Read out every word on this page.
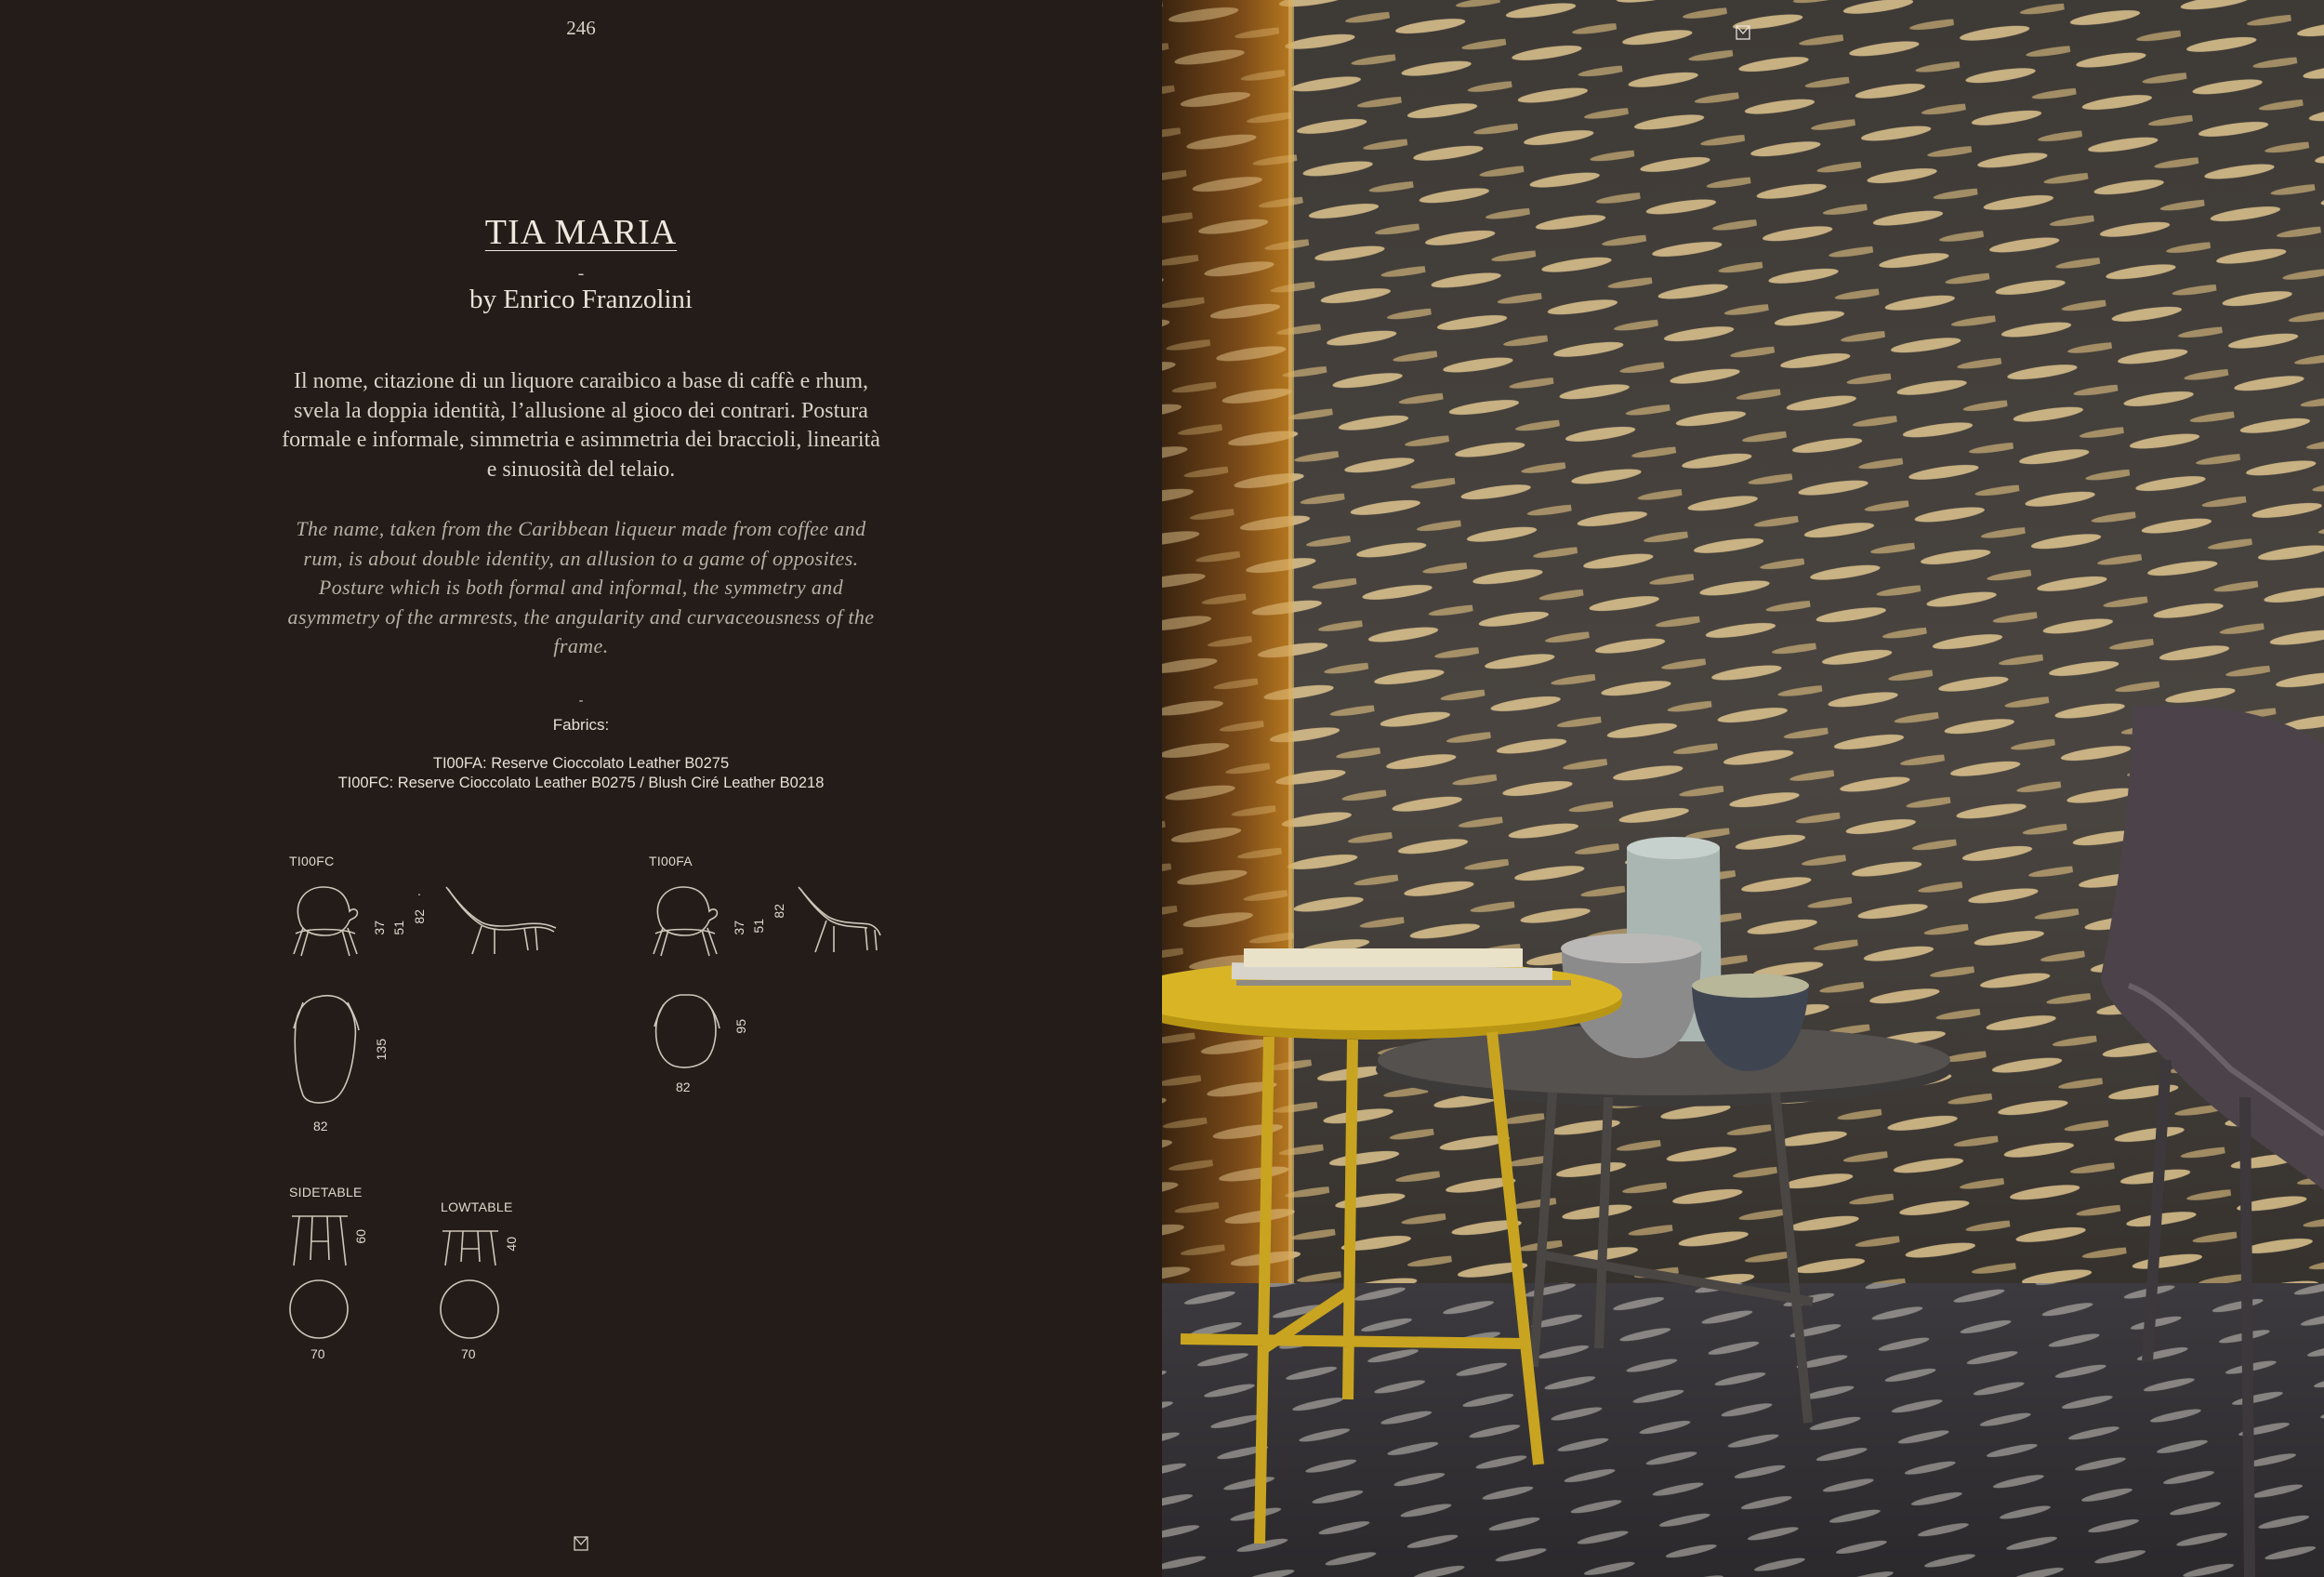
246
TIA MARIA
-
by Enrico Franzolini
Il nome, citazione di un liquore caraibico a base di caffè e rhum, svela la doppia identità, l’allusione al gioco dei contrari. Postura formale e informale, simmetria e asimmetria dei braccioli, linearità e sinuosità del telaio.
The name, taken from the Caribbean liqueur made from coffee and rum, is about double identity, an allusion to a game of opposites. Posture which is both formal and informal, the symmetry and asymmetry of the armrests, the angularity and curvaceousness of the frame.
-
Fabrics:
TI00FA: Reserve Cioccolato Leather B0275
TI00FC: Reserve Cioccolato Leather B0275 / Blush Ciré Leather B0218
TI00FC
.
37 51
82
135
82
TI00FA
37 51
82
95
82
SIDETABLE
60
70
LOWTABLE
40
70
